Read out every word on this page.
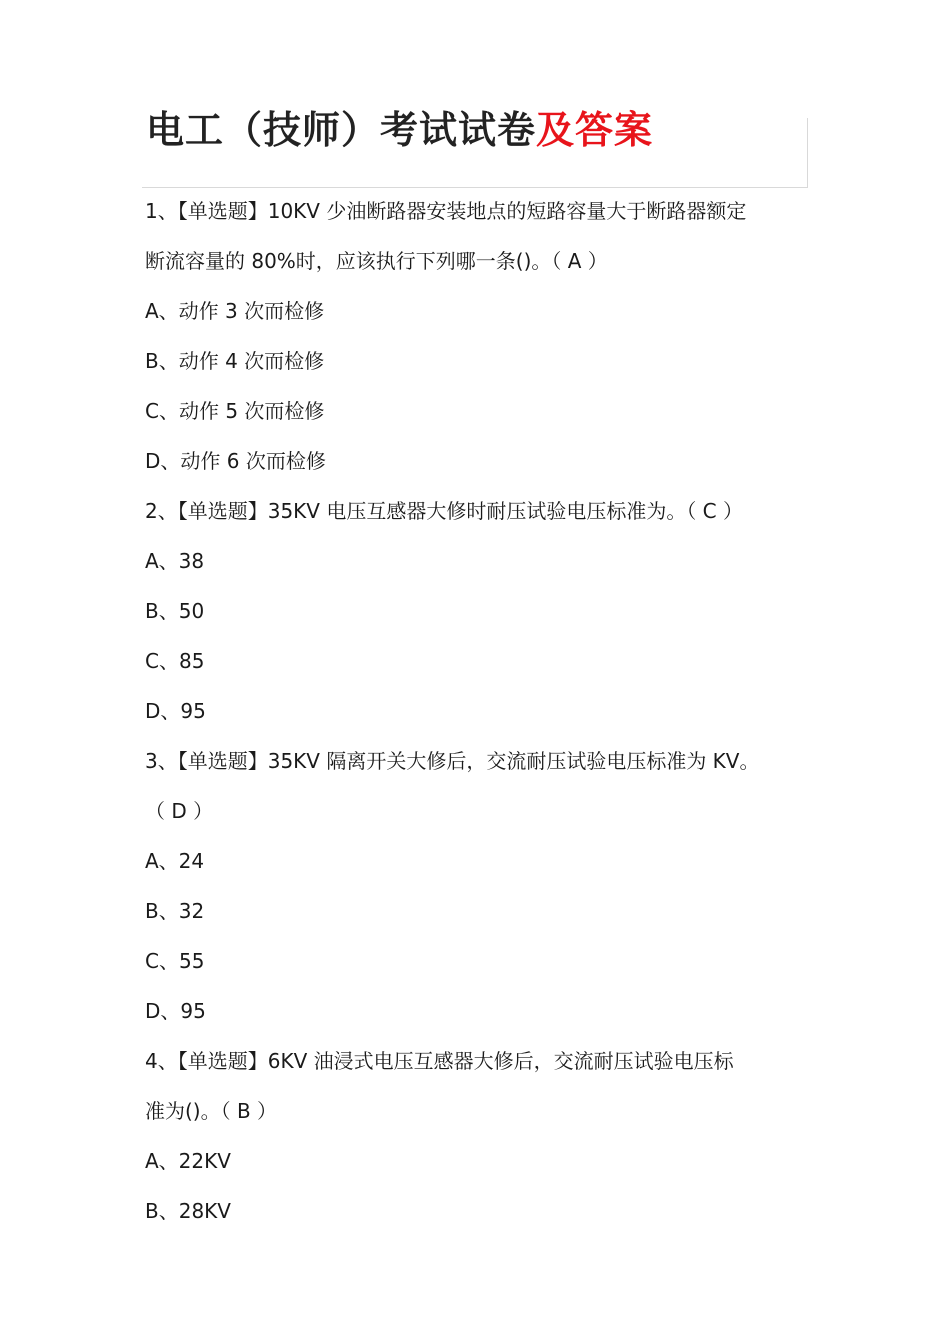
电工（技师）考试试卷及答案
1、【单选题】10KV 少油断路器安装地点的短路容量大于断路器额定
断流容量的 80%时，应该执行下列哪一条()。（ A ）
A、动作 3 次而检修
B、动作 4 次而检修
C、动作 5 次而检修
D、动作 6 次而检修
2、【单选题】35KV 电压互感器大修时耐压试验电压标准为。（ C ）
A、38
B、50
C、85
D、95
3、【单选题】35KV 隔离开关大修后，交流耐压试验电压标准为 KV。
（ D ）
A、24
B、32
C、55
D、95
4、【单选题】6KV 油浸式电压互感器大修后，交流耐压试验电压标
准为()。（ B ）
A、22KV
B、28KV
